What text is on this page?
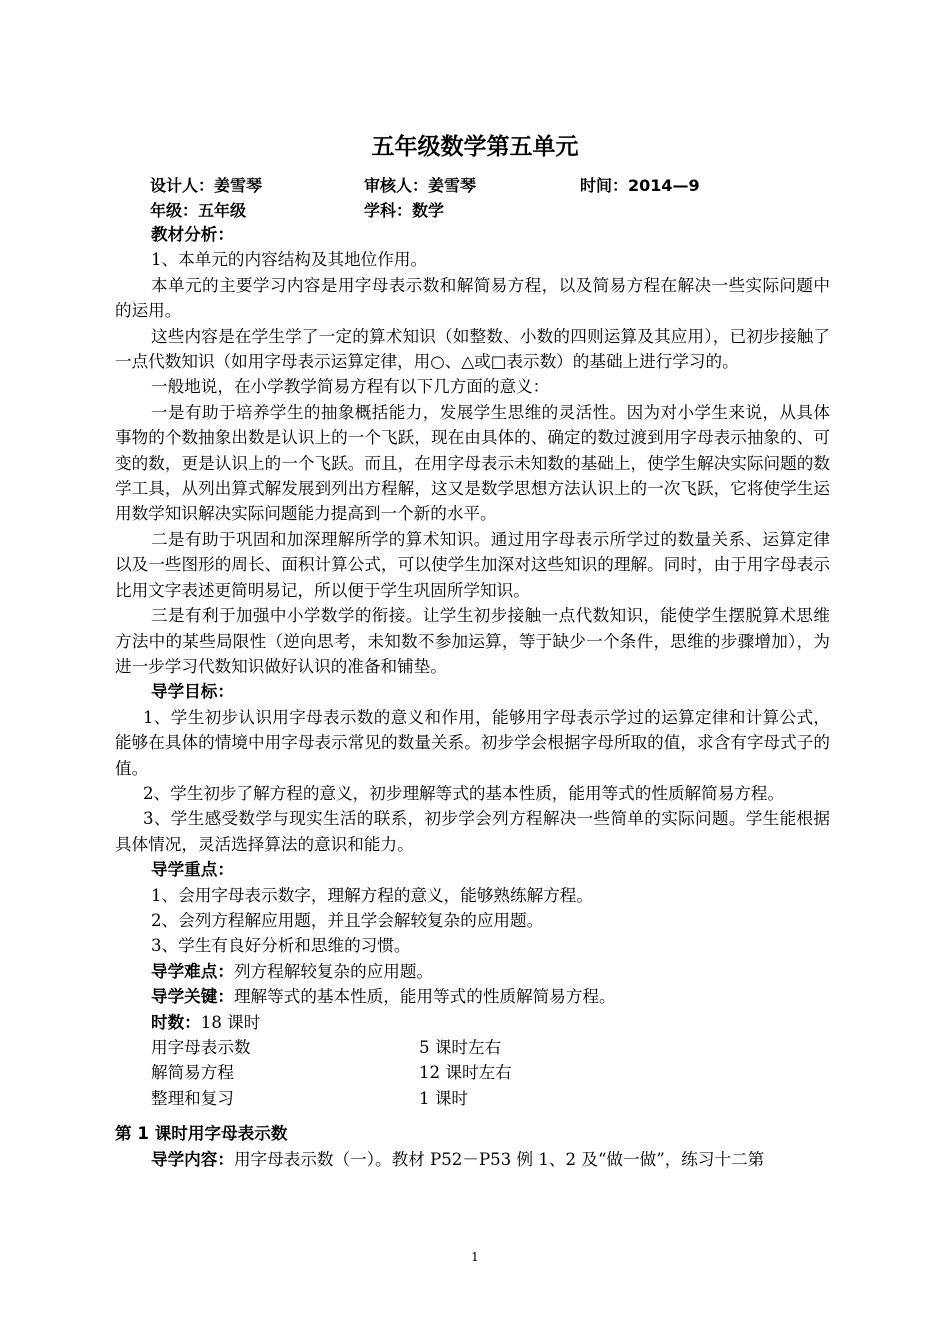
五年级数学第五单元
设计人：姜雪琴	审核人：姜雪琴	时间：2014—9
年级：五年级	学科：数学

教材分析：

1、本单元的内容结构及其地位作用。

本单元的主要学习内容是用字母表示数和解简易方程，以及简易方程在解决一些实际问题中的运用。

这些内容是在学生学了一定的算术知识（如整数、小数的四则运算及其应用），已初步接触了一点代数知识（如用字母表示运算定律，用○、△或□表示数）的基础上进行学习的。

一般地说，在小学教学简易方程有以下几方面的意义：

一是有助于培养学生的抽象概括能力，发展学生思维的灵活性。因为对小学生来说，从具体事物的个数抽象出数是认识上的一个飞跃，现在由具体的、确定的数过渡到用字母表示抽象的、可变的数，更是认识上的一个飞跃。而且，在用字母表示未知数的基础上，使学生解决实际问题的数学工具，从列出算式解发展到列出方程解，这又是数学思想方法认识上的一次飞跃，它将使学生运用数学知识解决实际问题能力提高到一个新的水平。

二是有助于巩固和加深理解所学的算术知识。通过用字母表示所学过的数量关系、运算定律以及一些图形的周长、面积计算公式，可以使学生加深对这些知识的理解。同时，由于用字母表示比用文字表述更简明易记，所以便于学生巩固所学知识。

三是有利于加强中小学数学的衔接。让学生初步接触一点代数知识，能使学生摆脱算术思维方法中的某些局限性（逆向思考，未知数不参加运算，等于缺少一个条件，思维的步骤增加），为进一步学习代数知识做好认识的准备和铺垫。

导学目标：

1、学生初步认识用字母表示数的意义和作用，能够用字母表示学过的运算定律和计算公式，能够在具体的情境中用字母表示常见的数量关系。初步学会根据字母所取的值，求含有字母式子的值。

2、学生初步了解方程的意义，初步理解等式的基本性质，能用等式的性质解简易方程。

3、学生感受数学与现实生活的联系，初步学会列方程解决一些简单的实际问题。学生能根据具体情况，灵活选择算法的意识和能力。

导学重点：

1、会用字母表示数字，理解方程的意义，能够熟练解方程。

2、会列方程解应用题，并且学会解较复杂的应用题。

3、学生有良好分析和思维的习惯。

导学难点：列方程解较复杂的应用题。

导学关键：理解等式的基本性质，能用等式的性质解简易方程。

时数：18 课时

用字母表示数	5 课时左右
解简易方程	12 课时左右
整理和复习	1 课时

第 1 课时用字母表示数

导学内容：用字母表示数（一）。教材 P52－P53 例 1、2 及“做一做”，练习十二第

1
